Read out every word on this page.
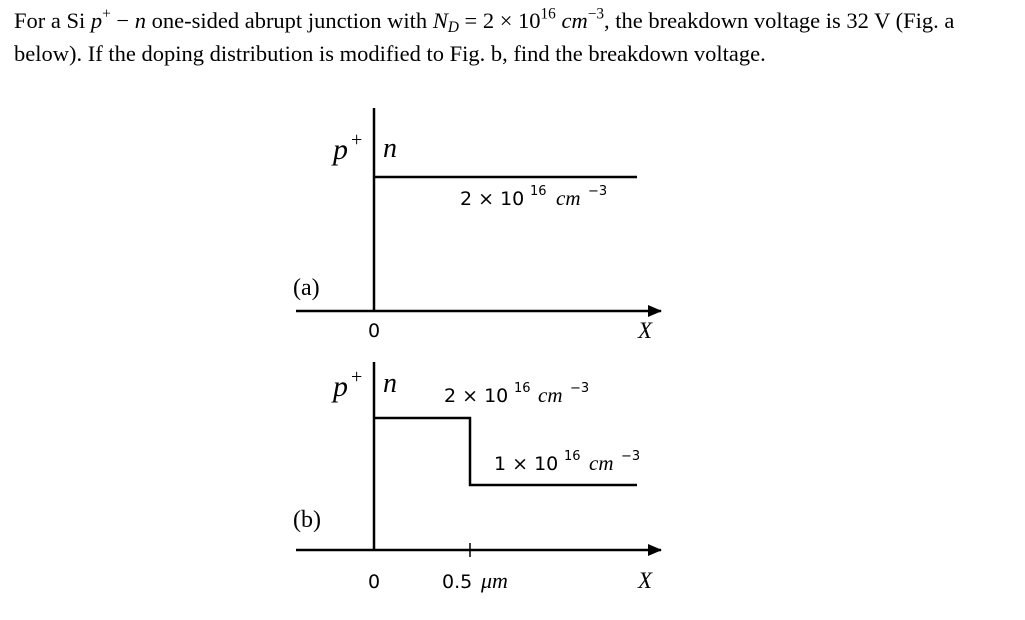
For a Si p+ − n one-sided abrupt junction with $N_D = 2 \times 10^{16}$ $cm^{-3}$, the breakdown voltage is 32 V (Fig. a below). If the doping distribution is modified to Fig. b, find the breakdown voltage.

p + n
2 × 10 16 cm −3
(a)
0	X
p + n 2 × 10 16 cm −3
1 × 10 16 cm −3
(b)
0	0.5 μm	X
